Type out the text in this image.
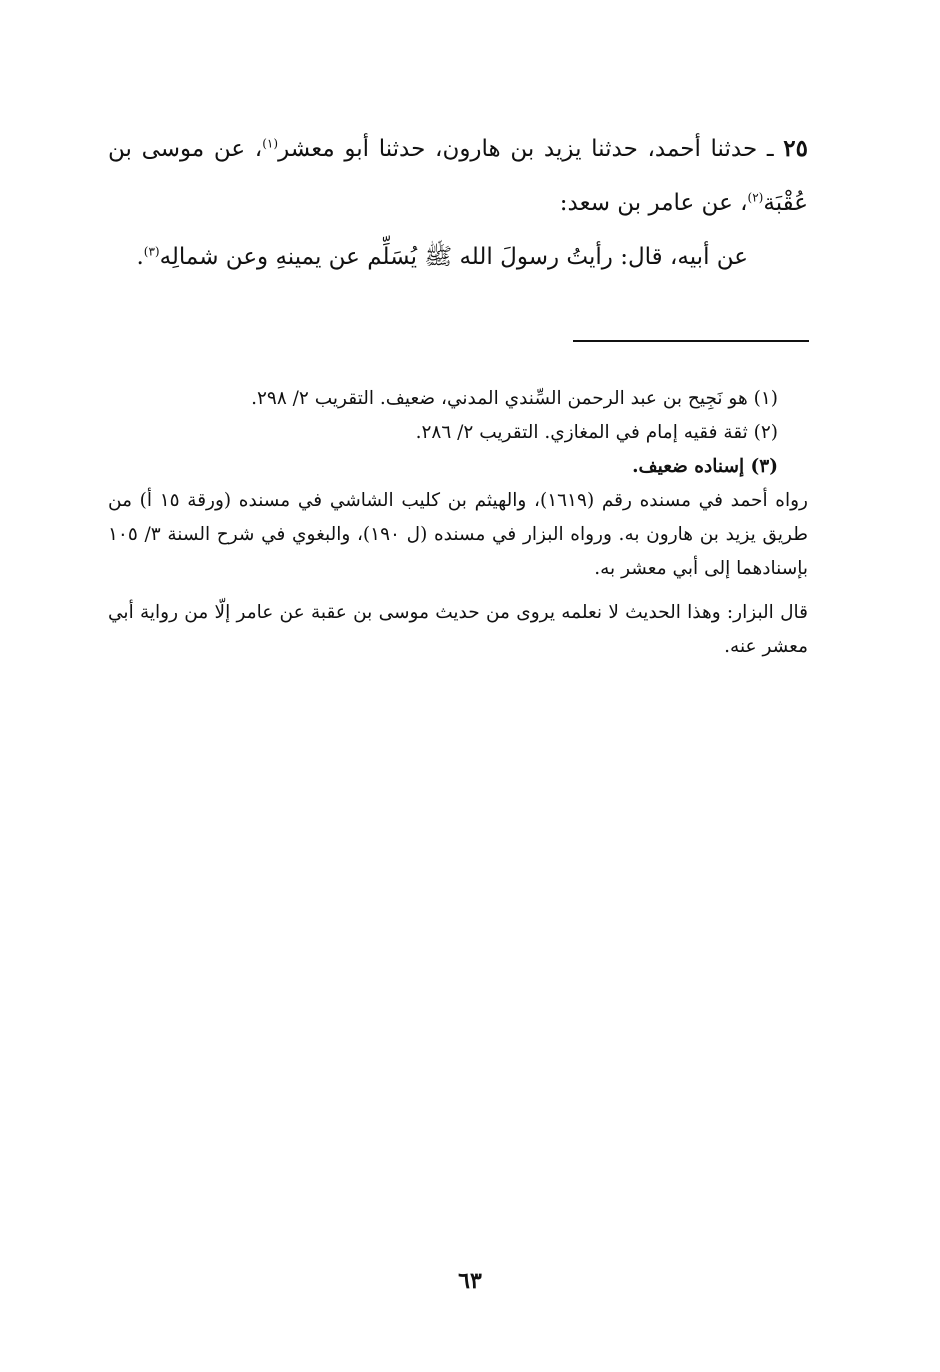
٢٥ ـ حدثنا أحمد، حدثنا يزيد بن هارون، حدثنا أبو معشر$^{(١)}$، عن موسى بن عُقْبَة$^{(٢)}$، عن عامر بن سعد:

عن أبيه، قال: رأيتُ رسولَ الله ﷺ يُسَلِّم عن يمينهِ وعن شمالِه$^{(٣)}$.

(١) هو نَجِيح بن عبد الرحمن السِّندي المدني، ضعيف. التقريب ٢/ ٢٩٨.

(٢) ثقة فقيه إمام في المغازي. التقريب ٢/ ٢٨٦.

(٣) إسناده ضعيف.

رواه أحمد في مسنده رقم (١٦١٩)، والهيثم بن كليب الشاشي في مسنده (ورقة ١٥ أ) من طريق يزيد بن هارون به. ورواه البزار في مسنده (ل ١٩٠)، والبغوي في شرح السنة ٣/ ١٠٥ بإسنادهما إلى أبي معشر به.

قال البزار: وهذا الحديث لا نعلمه يروى من حديث موسى بن عقبة عن عامر إلّا من رواية أبي معشر عنه.

٦٣
